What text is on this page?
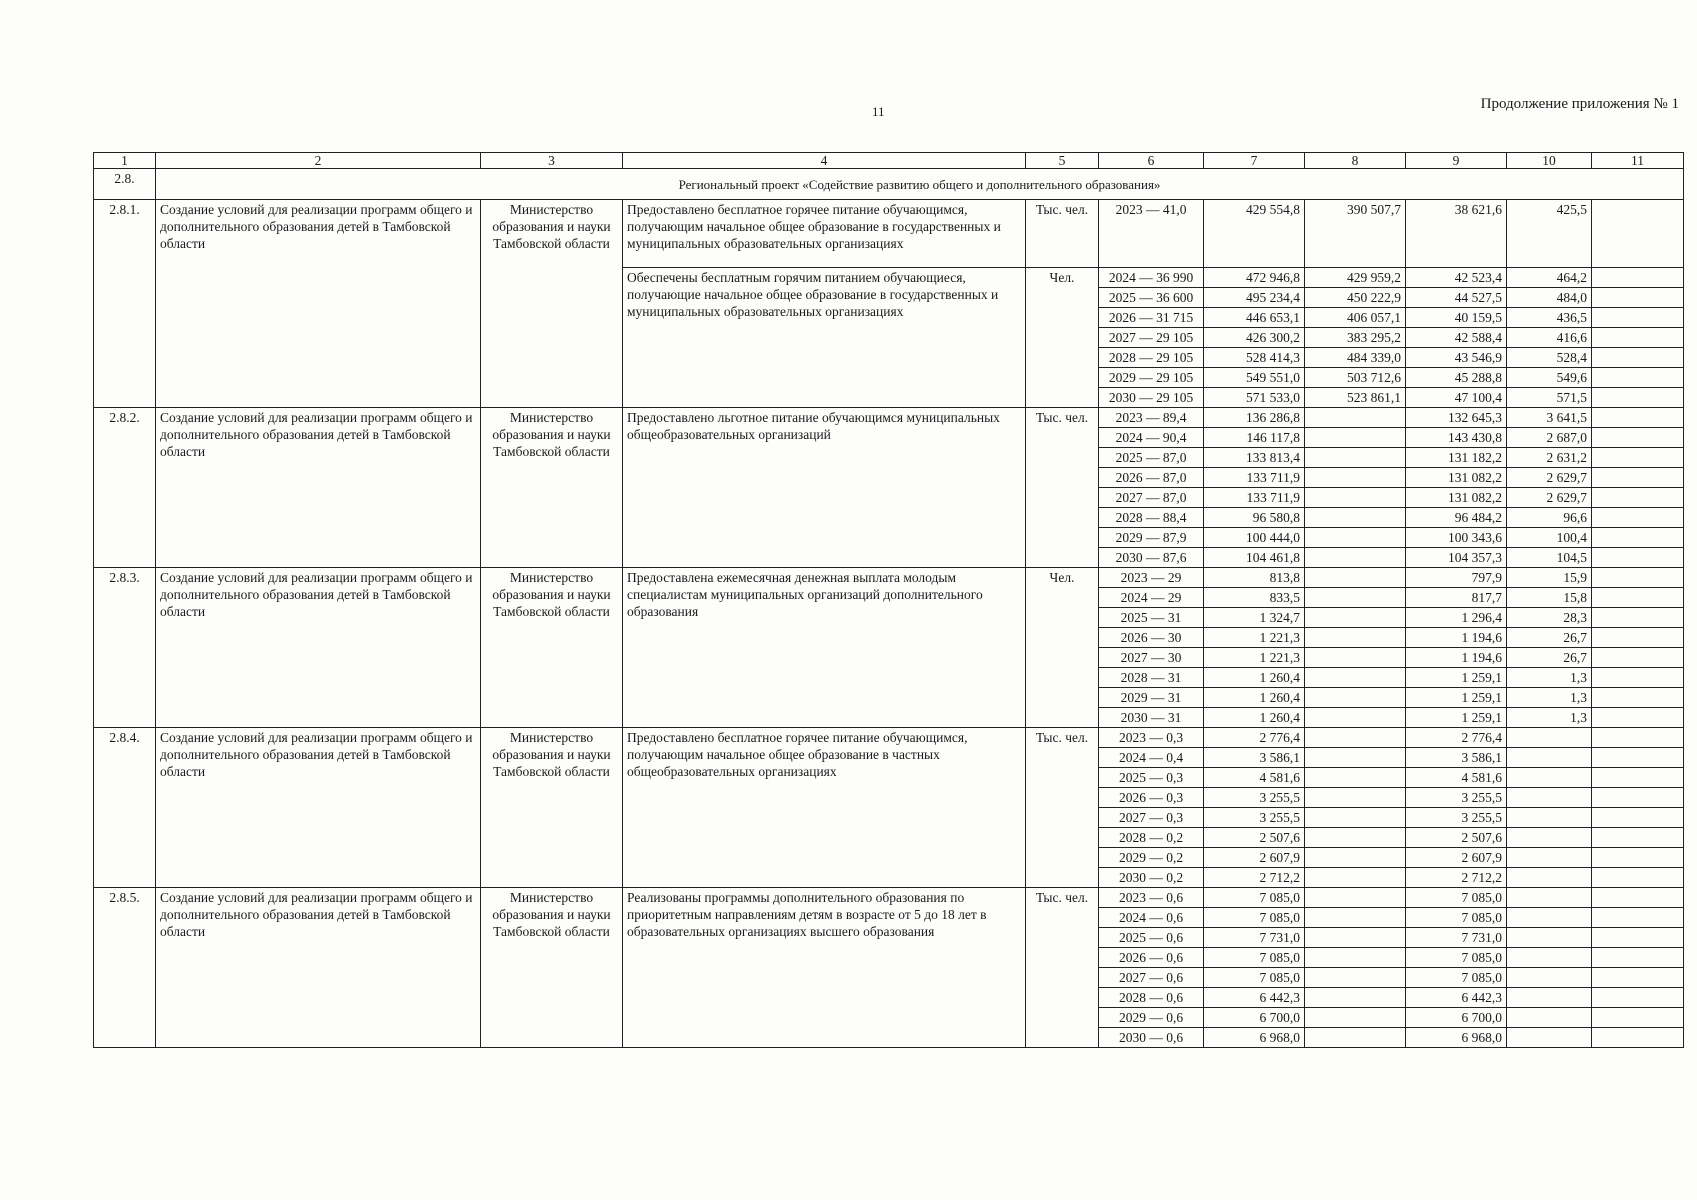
11	Продолжение приложения № 1
1	2	3	4	5	6	7	8	9	10	11
2.8.	Региональный проект «Содействие развитию общего и дополнительного образования»									
2.8.1.	Создание условий для реализации программ общего и дополнительного образования детей в Тамбовской области	Министерство образования и науки Тамбовской области	Предоставлено бесплатное горячее питание обучающимся, получающим начальное общее образование в государственных и муниципальных образовательных организациях	Тыс. чел.	2023 — 41,0	429 554,8	390 507,7	38 621,6	425,5	
			Обеспечены бесплатным горячим питанием обучающиеся, получающие начальное общее образование в государственных и муниципальных образовательных организациях	Чел.	2024 — 36 990	472 946,8	429 959,2	42 523,4	464,2	
					2025 — 36 600	495 234,4	450 222,9	44 527,5	484,0	
					2026 — 31 715	446 653,1	406 057,1	40 159,5	436,5	
					2027 — 29 105	426 300,2	383 295,2	42 588,4	416,6	
					2028 — 29 105	528 414,3	484 339,0	43 546,9	528,4	
					2029 — 29 105	549 551,0	503 712,6	45 288,8	549,6	
					2030 — 29 105	571 533,0	523 861,1	47 100,4	571,5	
2.8.2.	Создание условий для реализации программ общего и дополнительного образования детей в Тамбовской области	Министерство образования и науки Тамбовской области	Предоставлено льготное питание обучающимся муниципальных общеобразовательных организаций	Тыс. чел.	2023 — 89,4	136 286,8		132 645,3	3 641,5	
					2024 — 90,4	146 117,8		143 430,8	2 687,0	
					2025 — 87,0	133 813,4		131 182,2	2 631,2	
					2026 — 87,0	133 711,9		131 082,2	2 629,7	
					2027 — 87,0	133 711,9		131 082,2	2 629,7	
					2028 — 88,4	96 580,8		96 484,2	96,6	
					2029 — 87,9	100 444,0		100 343,6	100,4	
					2030 — 87,6	104 461,8		104 357,3	104,5	
2.8.3.	Создание условий для реализации программ общего и дополнительного образования детей в Тамбовской области	Министерство образования и науки Тамбовской области	Предоставлена ежемесячная денежная выплата молодым специалистам муниципальных организаций дополнительного образования	Чел.	2023 — 29	813,8		797,9	15,9	
					2024 — 29	833,5		817,7	15,8	
					2025 — 31	1 324,7		1 296,4	28,3	
					2026 — 30	1 221,3		1 194,6	26,7	
					2027 — 30	1 221,3		1 194,6	26,7	
					2028 — 31	1 260,4		1 259,1	1,3	
					2029 — 31	1 260,4		1 259,1	1,3	
					2030 — 31	1 260,4		1 259,1	1,3	
2.8.4.	Создание условий для реализации программ общего и дополнительного образования детей в Тамбовской области	Министерство образования и науки Тамбовской области	Предоставлено бесплатное горячее питание обучающимся, получающим начальное общее образование в частных общеобразовательных организациях	Тыс. чел.	2023 — 0,3	2 776,4		2 776,4		
					2024 — 0,4	3 586,1		3 586,1		
					2025 — 0,3	4 581,6		4 581,6		
					2026 — 0,3	3 255,5		3 255,5		
					2027 — 0,3	3 255,5		3 255,5		
					2028 — 0,2	2 507,6		2 507,6		
					2029 — 0,2	2 607,9		2 607,9		
					2030 — 0,2	2 712,2		2 712,2		
2.8.5.	Создание условий для реализации программ общего и дополнительного образования детей в Тамбовской области	Министерство образования и науки Тамбовской области	Реализованы программы дополнительного образования по приоритетным направлениям детям в возрасте от 5 до 18 лет в образовательных организациях высшего образования	Тыс. чел.	2023 — 0,6	7 085,0		7 085,0		
					2024 — 0,6	7 085,0		7 085,0		
					2025 — 0,6	7 731,0		7 731,0		
					2026 — 0,6	7 085,0		7 085,0		
					2027 — 0,6	7 085,0		7 085,0		
					2028 — 0,6	6 442,3		6 442,3		
					2029 — 0,6	6 700,0		6 700,0		
					2030 — 0,6	6 968,0		6 968,0		
